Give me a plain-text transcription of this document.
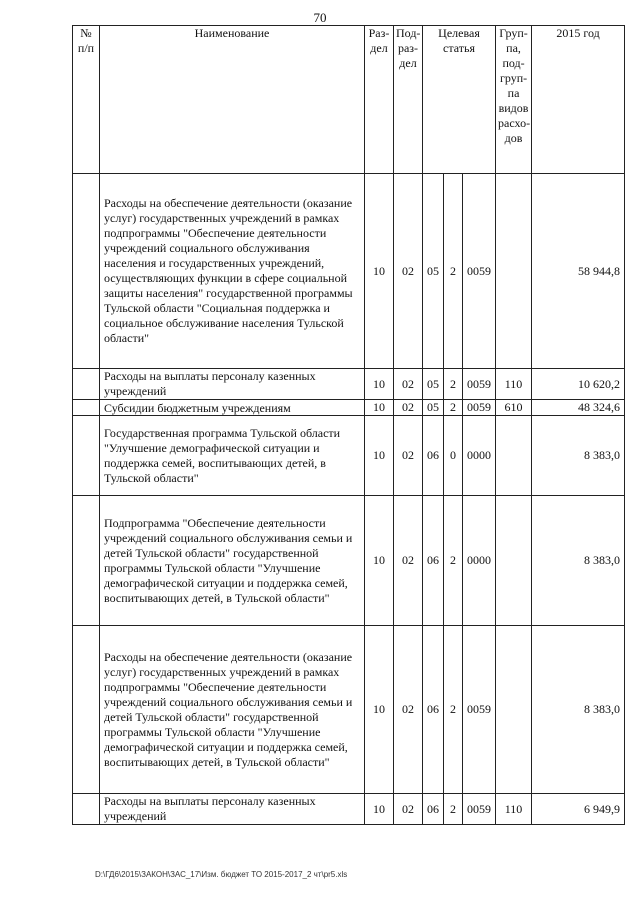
70
№ п/п	Наименование	Раз-дел	Под-раз-дел	Целевая статья			Груп-па, под-груп-па видов расхо-дов	2015 год
	Расходы на обеспечение деятельности (оказание услуг) государственных учреждений в рамках подпрограммы "Обеспечение деятельности учреждений социального обслуживания населения и государственных учреждений, осуществляющих функции в сфере социальной защиты населения" государственной программы Тульской области "Социальная поддержка и социальное обслуживание населения Тульской области"	10	02	05	2	0059		58 944,8
	Расходы на выплаты персоналу казенных учреждений	10	02	05	2	0059	110	10 620,2
	Субсидии бюджетным учреждениям	10	02	05	2	0059	610	48 324,6
	Государственная программа Тульской области "Улучшение демографической ситуации и поддержка семей, воспитывающих детей, в Тульской области"	10	02	06	0	0000		8 383,0
	Подпрограмма "Обеспечение деятельности учреждений социального обслуживания семьи и детей Тульской области" государственной программы Тульской области "Улучшение демографической ситуации и поддержка семей, воспитывающих детей, в Тульской области"	10	02	06	2	0000		8 383,0
	Расходы на обеспечение деятельности (оказание услуг) государственных учреждений в рамках подпрограммы "Обеспечение деятельности учреждений социального обслуживания семьи и детей Тульской области" государственной программы Тульской области "Улучшение демографической ситуации и поддержка семей, воспитывающих детей, в Тульской области"	10	02	06	2	0059		8 383,0
	Расходы на выплаты персоналу казенных учреждений	10	02	06	2	0059	110	6 949,9
D:\ГД6\2015\ЗАКОН\ЗАС_17\Изм. бюджет ТО 2015-2017_2 чт\pr5.xls
